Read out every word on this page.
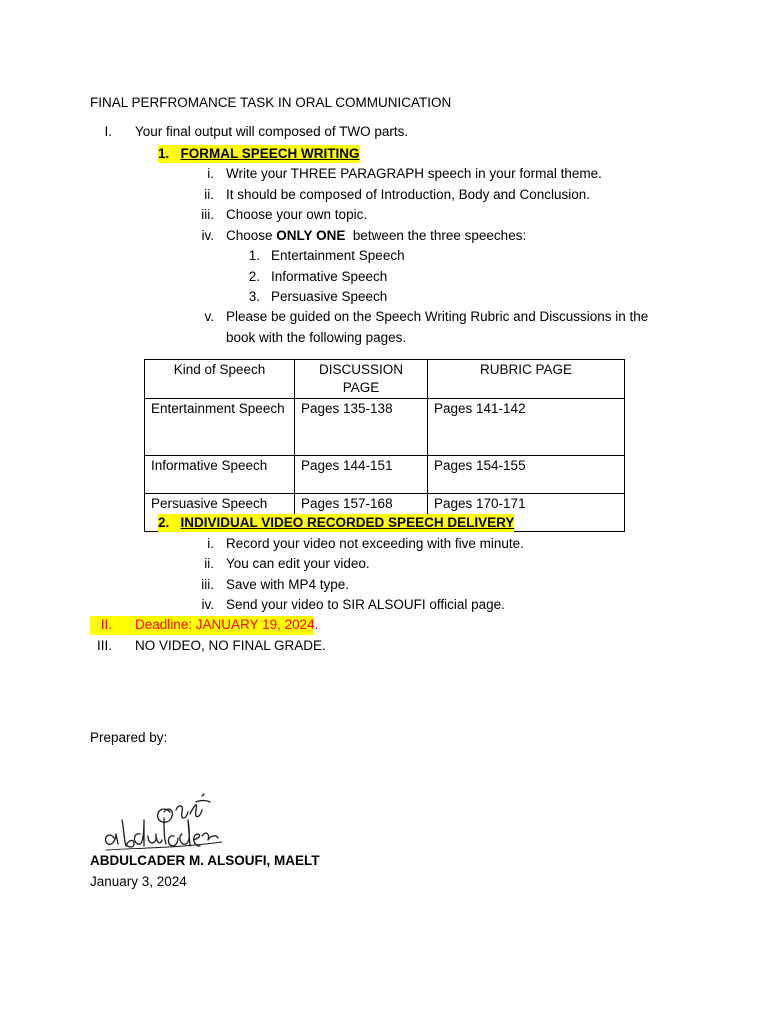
FINAL PERFROMANCE TASK IN ORAL COMMUNICATION
I. Your final output will composed of TWO parts.
1. FORMAL SPEECH WRITING
i. Write your THREE PARAGRAPH speech in your formal theme.
ii. It should be composed of Introduction, Body and Conclusion.
iii. Choose your own topic.
iv. Choose ONLY ONE  between the three speeches:
1. Entertainment Speech
2. Informative Speech
3. Persuasive Speech
v. Please be guided on the Speech Writing Rubric and Discussions in the
book with the following pages.
Kind of Speech	DISCUSSION PAGE	RUBRIC PAGE
Entertainment Speech	Pages 135-138	Pages 141-142
Informative Speech	Pages 144-151	Pages 154-155
Persuasive Speech	Pages 157-168	Pages 170-171
2. INDIVIDUAL VIDEO RECORDED SPEECH DELIVERY
i. Record your video not exceeding with five minute.
ii. You can edit your video.
iii. Save with MP4 type.
iv. Send your video to SIR ALSOUFI official page.
II. Deadline: JANUARY 19, 2024.
III. NO VIDEO, NO FINAL GRADE.
Prepared by:
ABDULCADER M. ALSOUFI, MAELT
January 3, 2024
